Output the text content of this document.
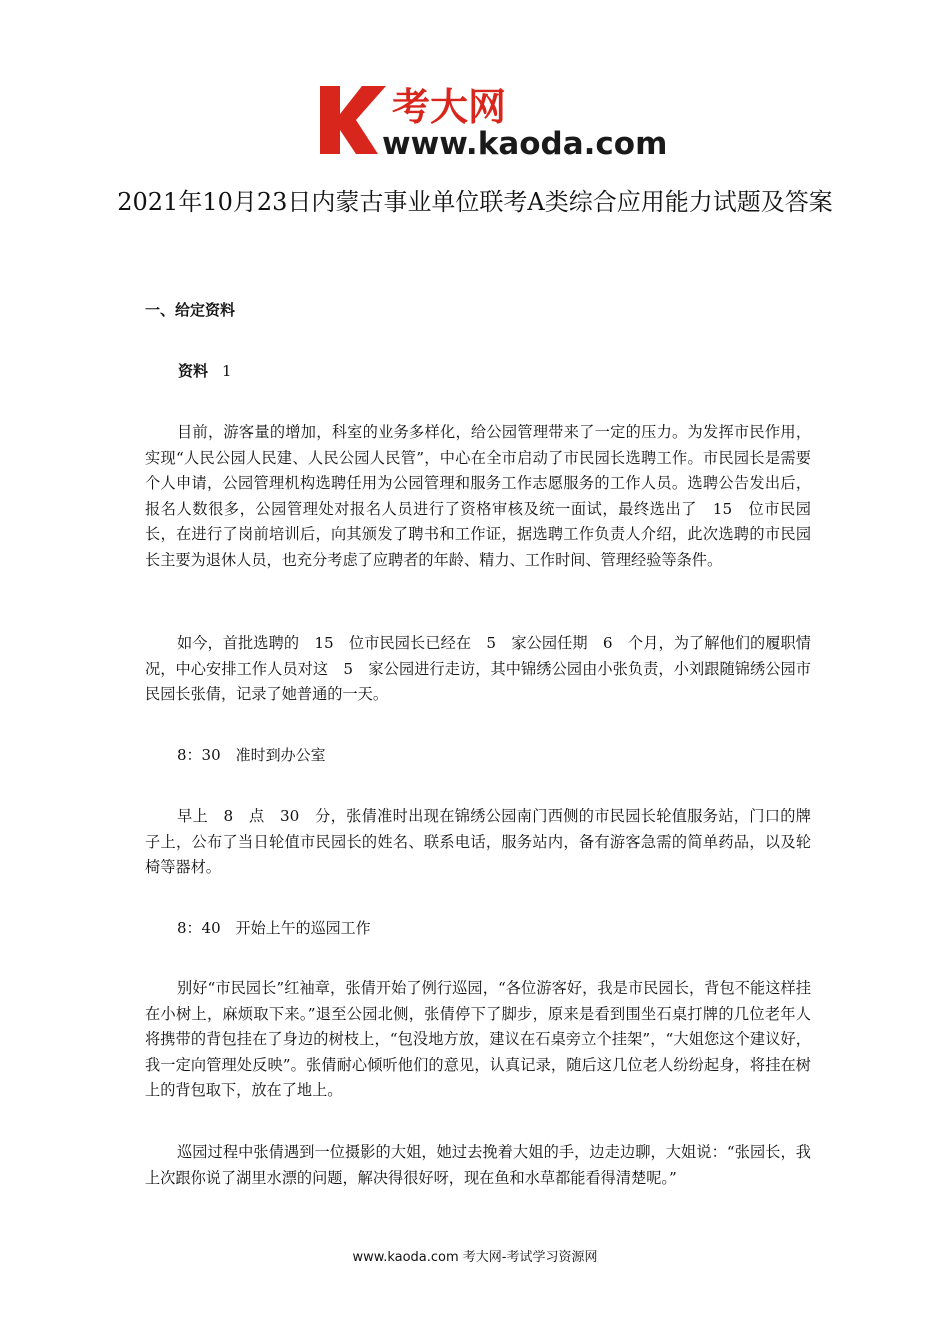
考大网
www.kaoda.com
2021年10月23日内蒙古事业单位联考A类综合应用能力试题及答案
一、给定资料
资料 1

目前，游客量的增加，科室的业务多样化，给公园管理带来了一定的压力。为发挥市民作用，实现“人民公园人民建、人民公园人民管”，中心在全市启动了市民园长选聘工作。市民园长是需要个人申请，公园管理机构选聘任用为公园管理和服务工作志愿服务的工作人员。选聘公告发出后，报名人数很多，公园管理处对报名人员进行了资格审核及统一面试，最终选出了　15　位市民园长，在进行了岗前培训后，向其颁发了聘书和工作证，据选聘工作负责人介绍，此次选聘的市民园长主要为退休人员，也充分考虑了应聘者的年龄、精力、工作时间、管理经验等条件。

如今，首批选聘的　15　位市民园长已经在　5　家公园任期　6　个月，为了解他们的履职情况，中心安排工作人员对这　5　家公园进行走访，其中锦绣公园由小张负责，小刘跟随锦绣公园市民园长张倩，记录了她普通的一天。

8：30　 准时到办公室

早上　8　点　30　分，张倩准时出现在锦绣公园南门西侧的市民园长轮值服务站，门口的牌子上，公布了当日轮值市民园长的姓名、联系电话，服务站内，备有游客急需的简单药品，以及轮椅等器材。

8：40　 开始上午的巡园工作

别好“市民园长”红袖章，张倩开始了例行巡园，“各位游客好，我是市民园长，背包不能这样挂在小树上，麻烦取下来。”退至公园北侧，张倩停下了脚步，原来是看到围坐石桌打牌的几位老年人将携带的背包挂在了身边的树枝上，“包没地方放，建议在石桌旁立个挂架”，“大姐您这个建议好，我一定向管理处反映”。张倩耐心倾听他们的意见，认真记录，随后这几位老人纷纷起身，将挂在树上的背包取下，放在了地上。

巡园过程中张倩遇到一位摄影的大姐，她过去挽着大姐的手，边走边聊，大姐说：“张园长，我上次跟你说了湖里水漂的问题，解决得很好呀，现在鱼和水草都能看得清楚呢。”

www.kaoda.com 考大网-考试学习资源网
